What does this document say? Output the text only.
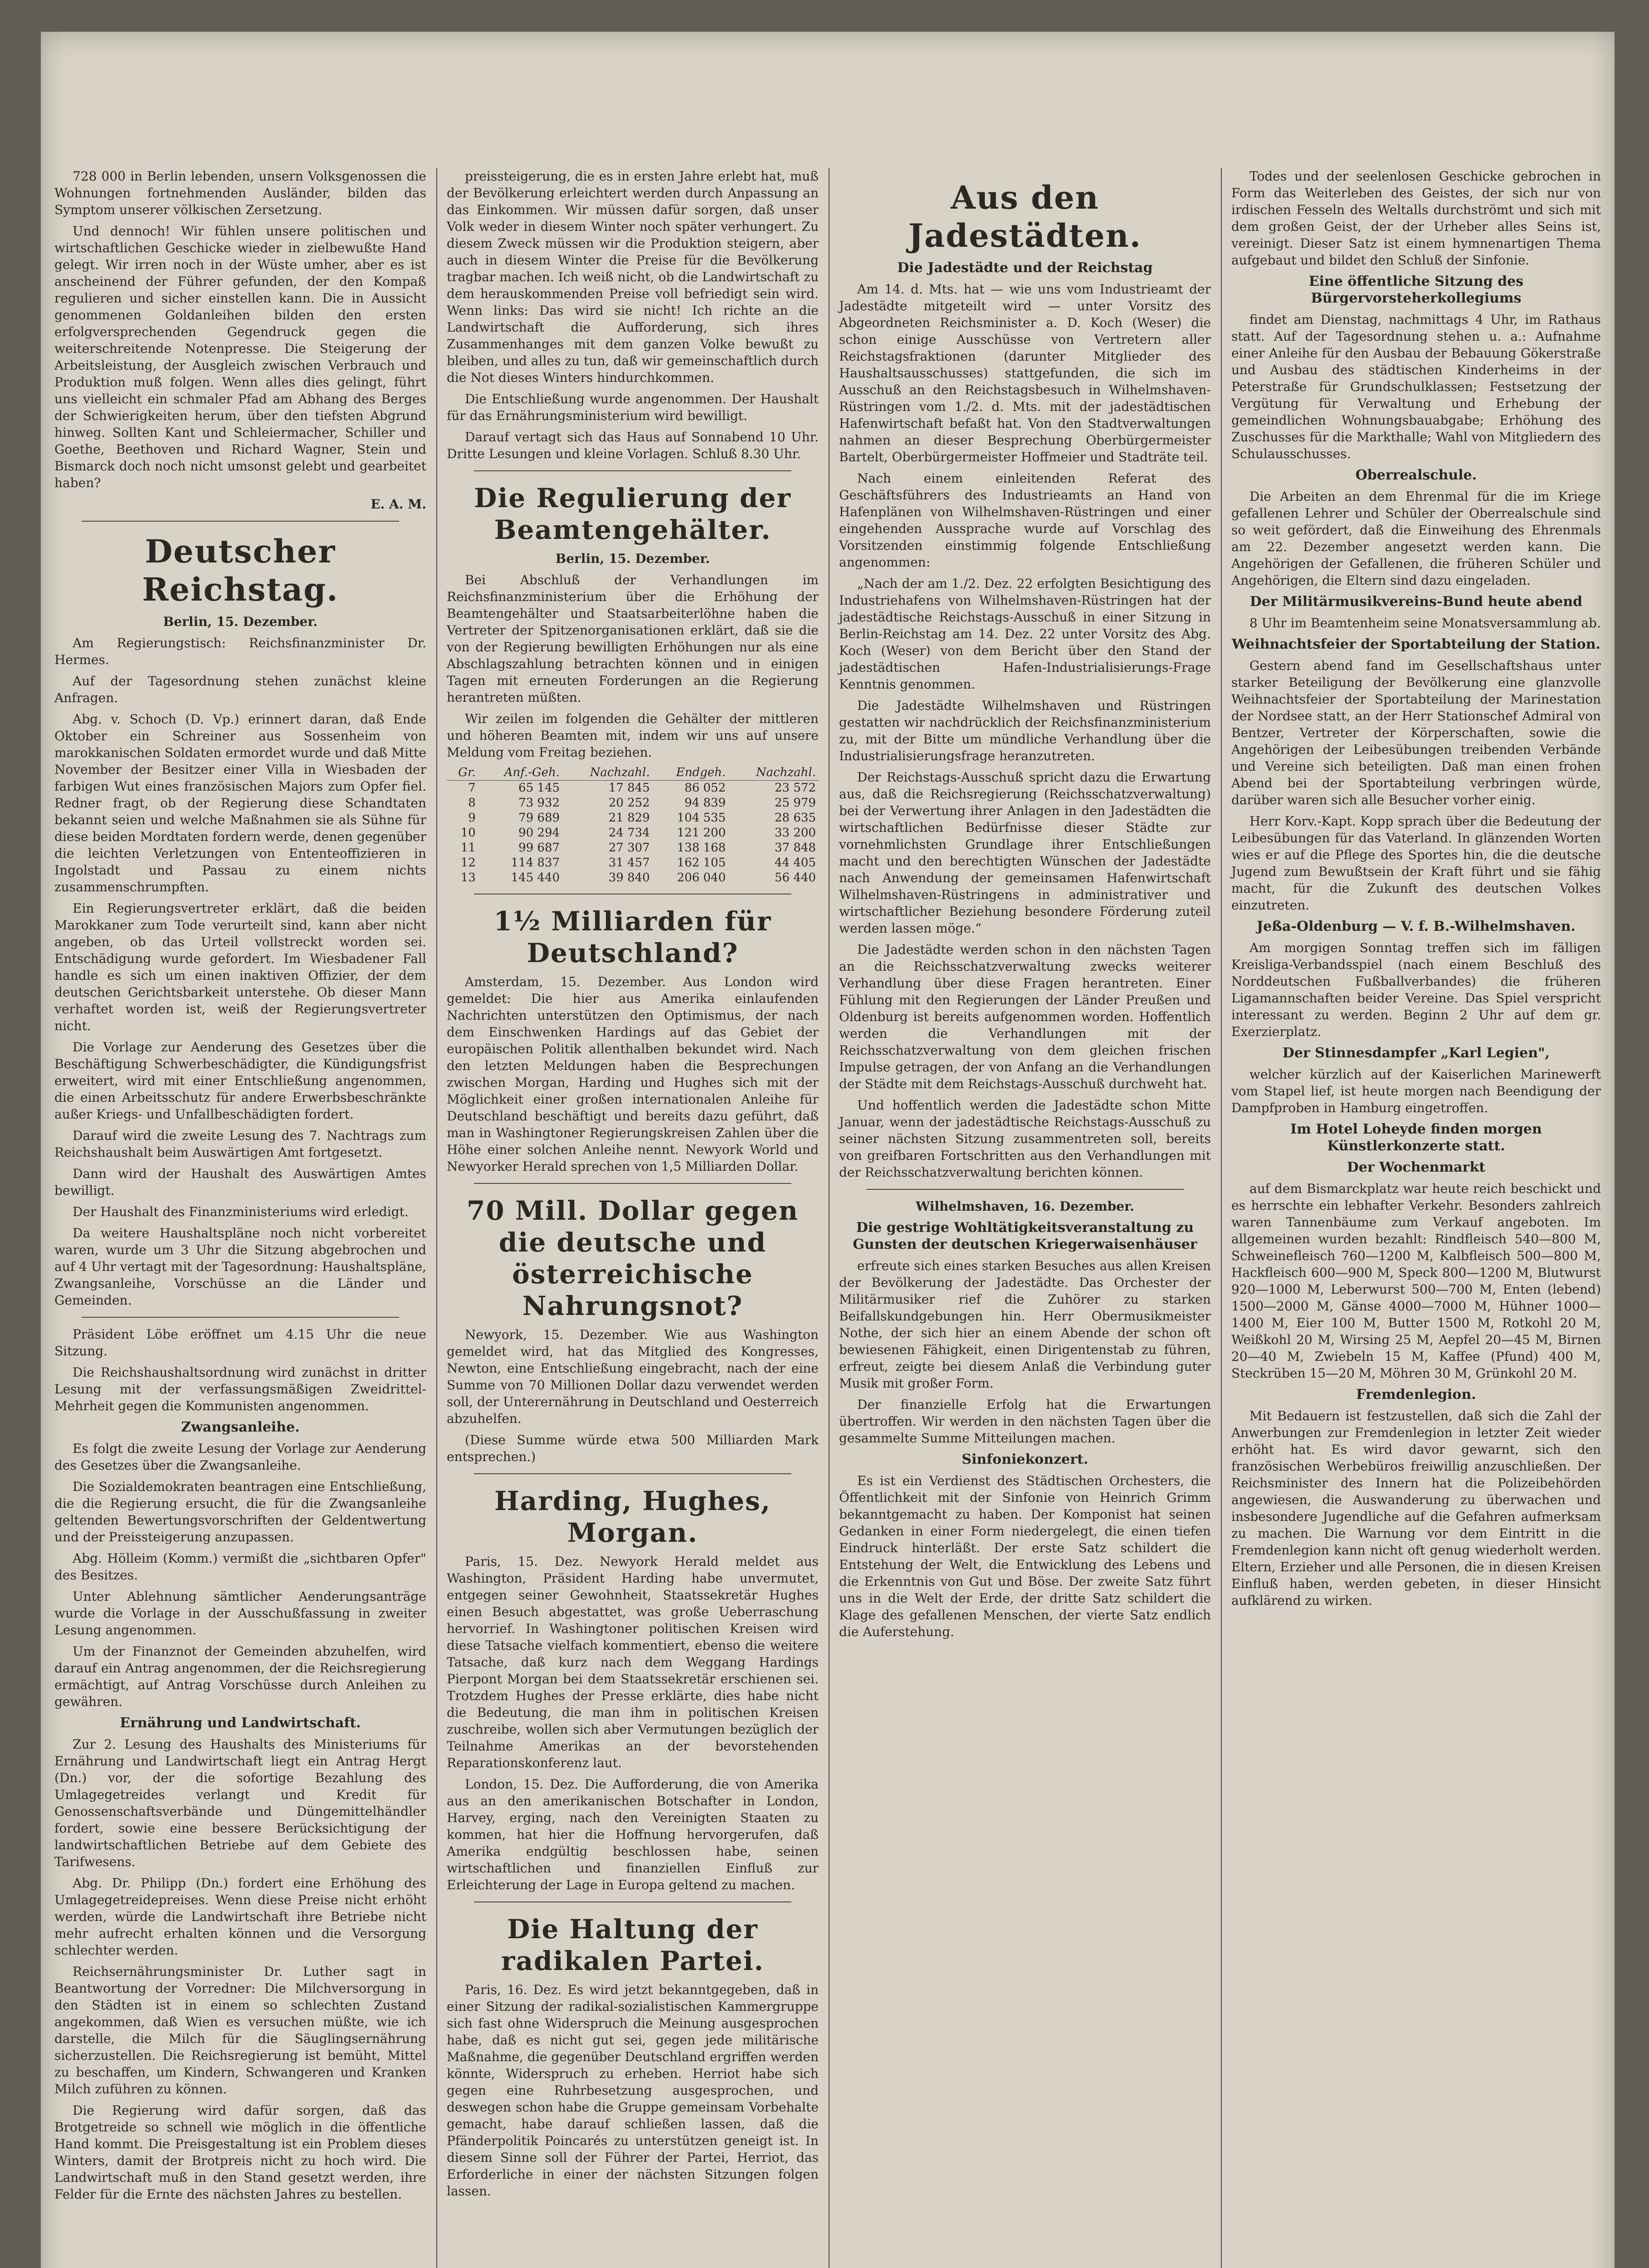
728 000 in Berlin lebenden, unsern Volksgenossen die Wohnungen fortnehmenden Ausländer, bilden das Symptom unserer völkischen Zersetzung.

Und dennoch! Wir fühlen unsere politischen und wirtschaftlichen Geschicke wieder in zielbewußte Hand gelegt. Wir irren noch in der Wüste umher, aber es ist anscheinend der Führer gefunden, der den Kompaß regulieren und sicher einstellen kann. Die in Aussicht genommenen Goldanleihen bilden den ersten erfolgversprechenden Gegendruck gegen die weiterschreitende Notenpresse. Die Steigerung der Arbeitsleistung, der Ausgleich zwischen Verbrauch und Produktion muß folgen. Wenn alles dies gelingt, führt uns vielleicht ein schmaler Pfad am Abhang des Berges der Schwierigkeiten herum, über den tiefsten Abgrund hinweg. Sollten Kant und Schleiermacher, Schiller und Goethe, Beethoven und Richard Wagner, Stein und Bismarck doch noch nicht umsonst gelebt und gearbeitet haben?

E. A. M.

Deutscher Reichstag.

Berlin, 15. Dezember.

Am Regierungstisch: Reichsfinanzminister Dr. Hermes.

Auf der Tagesordnung stehen zunächst kleine Anfragen.

Abg. v. Schoch (D. Vp.) erinnert daran, daß Ende Oktober ein Schreiner aus Sossenheim von marokkanischen Soldaten ermordet wurde und daß Mitte November der Besitzer einer Villa in Wiesbaden der farbigen Wut eines französischen Majors zum Opfer fiel. Redner fragt, ob der Regierung diese Schandtaten bekannt seien und welche Maßnahmen sie als Sühne für diese beiden Mordtaten fordern werde, denen gegenüber die leichten Verletzungen von Ententeoffizieren in Ingolstadt und Passau zu einem nichts zusammenschrumpften.

Ein Regierungsvertreter erklärt, daß die beiden Marokkaner zum Tode verurteilt sind, kann aber nicht angeben, ob das Urteil vollstreckt worden sei. Entschädigung wurde gefordert. Im Wiesbadener Fall handle es sich um einen inaktiven Offizier, der dem deutschen Gerichtsbarkeit unterstehe. Ob dieser Mann verhaftet worden ist, weiß der Regierungsvertreter nicht.

Die Vorlage zur Aenderung des Gesetzes über die Beschäftigung Schwerbeschädigter, die Kündigungsfrist erweitert, wird mit einer Entschließung angenommen, die einen Arbeitsschutz für andere Erwerbsbeschränkte außer Kriegs- und Unfallbeschädigten fordert.

Darauf wird die zweite Lesung des 7. Nachtrags zum Reichshaushalt beim Auswärtigen Amt fortgesetzt.

Dann wird der Haushalt des Auswärtigen Amtes bewilligt.

Der Haushalt des Finanzministeriums wird erledigt.

Da weitere Haushaltspläne noch nicht vorbereitet waren, wurde um 3 Uhr die Sitzung abgebrochen und auf 4 Uhr vertagt mit der Tagesordnung: Haushaltspläne, Zwangsanleihe, Vorschüsse an die Länder und Gemeinden.

Präsident Löbe eröffnet um 4.15 Uhr die neue Sitzung.

Die Reichshaushaltsordnung wird zunächst in dritter Lesung mit der verfassungsmäßigen Zweidrittel-Mehrheit gegen die Kommunisten angenommen.

Zwangsanleihe.

Es folgt die zweite Lesung der Vorlage zur Aenderung des Gesetzes über die Zwangsanleihe.

Die Sozialdemokraten beantragen eine Entschließung, die die Regierung ersucht, die für die Zwangsanleihe geltenden Bewertungsvorschriften der Geldentwertung und der Preissteigerung anzupassen.

Abg. Hölleim (Komm.) vermißt die „sichtbaren Opfer" des Besitzes.

Unter Ablehnung sämtlicher Aenderungsanträge wurde die Vorlage in der Ausschußfassung in zweiter Lesung angenommen.

Um der Finanznot der Gemeinden abzuhelfen, wird darauf ein Antrag angenommen, der die Reichsregierung ermächtigt, auf Antrag Vorschüsse durch Anleihen zu gewähren.

Ernährung und Landwirtschaft.

Zur 2. Lesung des Haushalts des Ministeriums für Ernährung und Landwirtschaft liegt ein Antrag Hergt (Dn.) vor, der die sofortige Bezahlung des Umlagegetreides verlangt und Kredit für Genossenschaftsverbände und Düngemittelhändler fordert, sowie eine bessere Berücksichtigung der landwirtschaftlichen Betriebe auf dem Gebiete des Tarifwesens.

Abg. Dr. Philipp (Dn.) fordert eine Erhöhung des Umlagegetreidepreises. Wenn diese Preise nicht erhöht werden, würde die Landwirtschaft ihre Betriebe nicht mehr aufrecht erhalten können und die Versorgung schlechter werden.

Reichsernährungsminister Dr. Luther sagt in Beantwortung der Vorredner: Die Milchversorgung in den Städten ist in einem so schlechten Zustand angekommen, daß Wien es versuchen müßte, wie ich darstelle, die Milch für die Säuglingsernährung sicherzustellen. Die Reichsregierung ist bemüht, Mittel zu beschaffen, um Kindern, Schwangeren und Kranken Milch zuführen zu können.

Die Regierung wird dafür sorgen, daß das Brotgetreide so schnell wie möglich in die öffentliche Hand kommt. Die Preisgestaltung ist ein Problem dieses Winters, damit der Brotpreis nicht zu hoch wird. Die Landwirtschaft muß in den Stand gesetzt werden, ihre Felder für die Ernte des nächsten Jahres zu bestellen.

preissteigerung, die es in ersten Jahre erlebt hat, muß der Bevölkerung erleichtert werden durch Anpassung an das Einkommen. Wir müssen dafür sorgen, daß unser Volk weder in diesem Winter noch später verhungert. Zu diesem Zweck müssen wir die Produktion steigern, aber auch in diesem Winter die Preise für die Bevölkerung tragbar machen. Ich weiß nicht, ob die Landwirtschaft zu dem herauskommenden Preise voll befriedigt sein wird. Wenn links: Das wird sie nicht! Ich richte an die Landwirtschaft die Aufforderung, sich ihres Zusammenhanges mit dem ganzen Volke bewußt zu bleiben, und alles zu tun, daß wir gemeinschaftlich durch die Not dieses Winters hindurchkommen.

Die Entschließung wurde angenommen. Der Haushalt für das Ernährungsministerium wird bewilligt.

Darauf vertagt sich das Haus auf Sonnabend 10 Uhr. Dritte Lesungen und kleine Vorlagen. Schluß 8.30 Uhr.

Die Regulierung der Beamtengehälter.

Berlin, 15. Dezember.

Bei Abschluß der Verhandlungen im Reichsfinanzministerium über die Erhöhung der Beamtengehälter und Staatsarbeiterlöhne haben die Vertreter der Spitzenorganisationen erklärt, daß sie die von der Regierung bewilligten Erhöhungen nur als eine Abschlagszahlung betrachten können und in einigen Tagen mit erneuten Forderungen an die Regierung herantreten müßten.

Wir zeilen im folgenden die Gehälter der mittleren und höheren Beamten mit, indem wir uns auf unsere Meldung vom Freitag beziehen.

Gr.	Anf.-Geh.	Nachzahl.	Endgeh.	Nachzahl.
7	65 145	17 845	86 052	23 572
8	73 932	20 252	94 839	25 979
9	79 689	21 829	104 535	28 635
10	90 294	24 734	121 200	33 200
11	99 687	27 307	138 168	37 848
12	114 837	31 457	162 105	44 405
13	145 440	39 840	206 040	56 440
1½ Milliarden für Deutschland?

Amsterdam, 15. Dezember. Aus London wird gemeldet: Die hier aus Amerika einlaufenden Nachrichten unterstützen den Optimismus, der nach dem Einschwenken Hardings auf das Gebiet der europäischen Politik allenthalben bekundet wird. Nach den letzten Meldungen haben die Besprechungen zwischen Morgan, Harding und Hughes sich mit der Möglichkeit einer großen internationalen Anleihe für Deutschland beschäftigt und bereits dazu geführt, daß man in Washingtoner Regierungskreisen Zahlen über die Höhe einer solchen Anleihe nennt. Newyork World und Newyorker Herald sprechen von 1,5 Milliarden Dollar.

70 Mill. Dollar gegen die deutsche und österreichische Nahrungsnot?

Newyork, 15. Dezember. Wie aus Washington gemeldet wird, hat das Mitglied des Kongresses, Newton, eine Entschließung eingebracht, nach der eine Summe von 70 Millionen Dollar dazu verwendet werden soll, der Unterernährung in Deutschland und Oesterreich abzuhelfen.

(Diese Summe würde etwa 500 Milliarden Mark entsprechen.)

Harding, Hughes, Morgan.

Paris, 15. Dez. Newyork Herald meldet aus Washington, Präsident Harding habe unvermutet, entgegen seiner Gewohnheit, Staatssekretär Hughes einen Besuch abgestattet, was große Ueberraschung hervorrief. In Washingtoner politischen Kreisen wird diese Tatsache vielfach kommentiert, ebenso die weitere Tatsache, daß kurz nach dem Weggang Hardings Pierpont Morgan bei dem Staatssekretär erschienen sei. Trotzdem Hughes der Presse erklärte, dies habe nicht die Bedeutung, die man ihm in politischen Kreisen zuschreibe, wollen sich aber Vermutungen bezüglich der Teilnahme Amerikas an der bevorstehenden Reparationskonferenz laut.

London, 15. Dez. Die Aufforderung, die von Amerika aus an den amerikanischen Botschafter in London, Harvey, erging, nach den Vereinigten Staaten zu kommen, hat hier die Hoffnung hervorgerufen, daß Amerika endgültig beschlossen habe, seinen wirtschaftlichen und finanziellen Einfluß zur Erleichterung der Lage in Europa geltend zu machen.

Die Haltung der radikalen Partei.

Paris, 16. Dez. Es wird jetzt bekanntgegeben, daß in einer Sitzung der radikal-sozialistischen Kammergruppe sich fast ohne Widerspruch die Meinung ausgesprochen habe, daß es nicht gut sei, gegen jede militärische Maßnahme, die gegenüber Deutschland ergriffen werden könnte, Widerspruch zu erheben. Herriot habe sich gegen eine Ruhrbesetzung ausgesprochen, und deswegen schon habe die Gruppe gemeinsam Vorbehalte gemacht, habe darauf schließen lassen, daß die Pfänderpolitik Poincarés zu unterstützen geneigt ist. In diesem Sinne soll der Führer der Partei, Herriot, das Erforderliche in einer der nächsten Sitzungen folgen lassen.

Aus den Jadestädten.

Die Jadestädte und der Reichstag

Am 14. d. Mts. hat — wie uns vom Industrieamt der Jadestädte mitgeteilt wird — unter Vorsitz des Abgeordneten Reichsminister a. D. Koch (Weser) die schon einige Ausschüsse von Vertretern aller Reichstagsfraktionen (darunter Mitglieder des Haushaltsausschusses) stattgefunden, die sich im Ausschuß an den Reichstagsbesuch in Wilhelmshaven-Rüstringen vom 1./2. d. Mts. mit der jadestädtischen Hafenwirtschaft befaßt hat. Von den Stadtverwaltungen nahmen an dieser Besprechung Oberbürgermeister Bartelt, Oberbürgermeister Hoffmeier und Stadträte teil.

Nach einem einleitenden Referat des Geschäftsführers des Industrieamts an Hand von Hafenplänen von Wilhelmshaven-Rüstringen und einer eingehenden Aussprache wurde auf Vorschlag des Vorsitzenden einstimmig folgende Entschließung angenommen:

„Nach der am 1./2. Dez. 22 erfolgten Besichtigung des Industriehafens von Wilhelmshaven-Rüstringen hat der jadestädtische Reichstags-Ausschuß in einer Sitzung in Berlin-Reichstag am 14. Dez. 22 unter Vorsitz des Abg. Koch (Weser) von dem Bericht über den Stand der jadestädtischen Hafen-Industrialisierungs-Frage Kenntnis genommen.

Die Jadestädte Wilhelmshaven und Rüstringen gestatten wir nachdrücklich der Reichsfinanzministerium zu, mit der Bitte um mündliche Verhandlung über die Industrialisierungsfrage heranzutreten.

Der Reichstags-Ausschuß spricht dazu die Erwartung aus, daß die Reichsregierung (Reichsschatzverwaltung) bei der Verwertung ihrer Anlagen in den Jadestädten die wirtschaftlichen Bedürfnisse dieser Städte zur vornehmlichsten Grundlage ihrer Entschließungen macht und den berechtigten Wünschen der Jadestädte nach Anwendung der gemeinsamen Hafenwirtschaft Wilhelmshaven-Rüstringens in administrativer und wirtschaftlicher Beziehung besondere Förderung zuteil werden lassen möge.“

Die Jadestädte werden schon in den nächsten Tagen an die Reichsschatzverwaltung zwecks weiterer Verhandlung über diese Fragen herantreten. Einer Fühlung mit den Regierungen der Länder Preußen und Oldenburg ist bereits aufgenommen worden. Hoffentlich werden die Verhandlungen mit der Reichsschatzverwaltung von dem gleichen frischen Impulse getragen, der von Anfang an die Verhandlungen der Städte mit dem Reichstags-Ausschuß durchweht hat.

Und hoffentlich werden die Jadestädte schon Mitte Januar, wenn der jadestädtische Reichstags-Ausschuß zu seiner nächsten Sitzung zusammentreten soll, bereits von greifbaren Fortschritten aus den Verhandlungen mit der Reichsschatzverwaltung berichten können.

Wilhelmshaven, 16. Dezember.

Die gestrige Wohltätigkeitsveranstaltung zu Gunsten der deutschen Kriegerwaisenhäuser

erfreute sich eines starken Besuches aus allen Kreisen der Bevölkerung der Jadestädte. Das Orchester der Militärmusiker rief die Zuhörer zu starken Beifallskundgebungen hin. Herr Obermusikmeister Nothe, der sich hier an einem Abende der schon oft bewiesenen Fähigkeit, einen Dirigentenstab zu führen, erfreut, zeigte bei diesem Anlaß die Verbindung guter Musik mit großer Form.

Der finanzielle Erfolg hat die Erwartungen übertroffen. Wir werden in den nächsten Tagen über die gesammelte Summe Mitteilungen machen.

Sinfoniekonzert.

Es ist ein Verdienst des Städtischen Orchesters, die Öffentlichkeit mit der Sinfonie von Heinrich Grimm bekanntgemacht zu haben. Der Komponist hat seinen Gedanken in einer Form niedergelegt, die einen tiefen Eindruck hinterläßt. Der erste Satz schildert die Entstehung der Welt, die Entwicklung des Lebens und die Erkenntnis von Gut und Böse. Der zweite Satz führt uns in die Welt der Erde, der dritte Satz schildert die Klage des gefallenen Menschen, der vierte Satz endlich die Auferstehung.

Todes und der seelenlosen Geschicke gebrochen in Form das Weiterleben des Geistes, der sich nur von irdischen Fesseln des Weltalls durchströmt und sich mit dem großen Geist, der der Urheber alles Seins ist, vereinigt. Dieser Satz ist einem hymnenartigen Thema aufgebaut und bildet den Schluß der Sinfonie.

Eine öffentliche Sitzung des Bürgervorsteherkollegiums

findet am Dienstag, nachmittags 4 Uhr, im Rathaus statt. Auf der Tagesordnung stehen u. a.: Aufnahme einer Anleihe für den Ausbau der Bebauung Gökerstraße und Ausbau des städtischen Kinderheims in der Peterstraße für Grundschulklassen; Festsetzung der Vergütung für Verwaltung und Erhebung der gemeindlichen Wohnungsbauabgabe; Erhöhung des Zuschusses für die Markthalle; Wahl von Mitgliedern des Schulausschusses.

Oberrealschule.

Die Arbeiten an dem Ehrenmal für die im Kriege gefallenen Lehrer und Schüler der Oberrealschule sind so weit gefördert, daß die Einweihung des Ehrenmals am 22. Dezember angesetzt werden kann. Die Angehörigen der Gefallenen, die früheren Schüler und Angehörigen, die Eltern sind dazu eingeladen.

Der Militärmusikvereins-Bund heute abend

8 Uhr im Beamtenheim seine Monatsversammlung ab.

Weihnachtsfeier der Sportabteilung der Station.

Gestern abend fand im Gesellschaftshaus unter starker Beteiligung der Bevölkerung eine glanzvolle Weihnachtsfeier der Sportabteilung der Marinestation der Nordsee statt, an der Herr Stationschef Admiral von Bentzer, Vertreter der Körperschaften, sowie die Angehörigen der Leibesübungen treibenden Verbände und Vereine sich beteiligten. Daß man einen frohen Abend bei der Sportabteilung verbringen würde, darüber waren sich alle Besucher vorher einig.

Herr Korv.-Kapt. Kopp sprach über die Bedeutung der Leibesübungen für das Vaterland. In glänzenden Worten wies er auf die Pflege des Sportes hin, die die deutsche Jugend zum Bewußtsein der Kraft führt und sie fähig macht, für die Zukunft des deutschen Volkes einzutreten.

Jeßa-Oldenburg — V. f. B.-Wilhelmshaven.

Am morgigen Sonntag treffen sich im fälligen Kreisliga-Verbandsspiel (nach einem Beschluß des Norddeutschen Fußballverbandes) die früheren Ligamannschaften beider Vereine. Das Spiel verspricht interessant zu werden. Beginn 2 Uhr auf dem gr. Exerzierplatz.

Der Stinnesdampfer „Karl Legien",

welcher kürzlich auf der Kaiserlichen Marinewerft vom Stapel lief, ist heute morgen nach Beendigung der Dampfproben in Hamburg eingetroffen.

Im Hotel Loheyde finden morgen Künstlerkonzerte statt.

Der Wochenmarkt

auf dem Bismarckplatz war heute reich beschickt und es herrschte ein lebhafter Verkehr. Besonders zahlreich waren Tannenbäume zum Verkauf angeboten. Im allgemeinen wurden bezahlt: Rindfleisch 540—800 M, Schweinefleisch 760—1200 M, Kalbfleisch 500—800 M, Hackfleisch 600—900 M, Speck 800—1200 M, Blutwurst 920—1000 M, Leberwurst 500—700 M, Enten (lebend) 1500—2000 M, Gänse 4000—7000 M, Hühner 1000—1400 M, Eier 100 M, Butter 1500 M, Rotkohl 20 M, Weißkohl 20 M, Wirsing 25 M, Aepfel 20—45 M, Birnen 20—40 M, Zwiebeln 15 M, Kaffee (Pfund) 400 M, Steckrüben 15—20 M, Möhren 30 M, Grünkohl 20 M.

Fremdenlegion.

Mit Bedauern ist festzustellen, daß sich die Zahl der Anwerbungen zur Fremdenlegion in letzter Zeit wieder erhöht hat. Es wird davor gewarnt, sich den französischen Werbebüros freiwillig anzuschließen. Der Reichsminister des Innern hat die Polizeibehörden angewiesen, die Auswanderung zu überwachen und insbesondere Jugendliche auf die Gefahren aufmerksam zu machen. Die Warnung vor dem Eintritt in die Fremdenlegion kann nicht oft genug wiederholt werden. Eltern, Erzieher und alle Personen, die in diesen Kreisen Einfluß haben, werden gebeten, in dieser Hinsicht aufklärend zu wirken.
